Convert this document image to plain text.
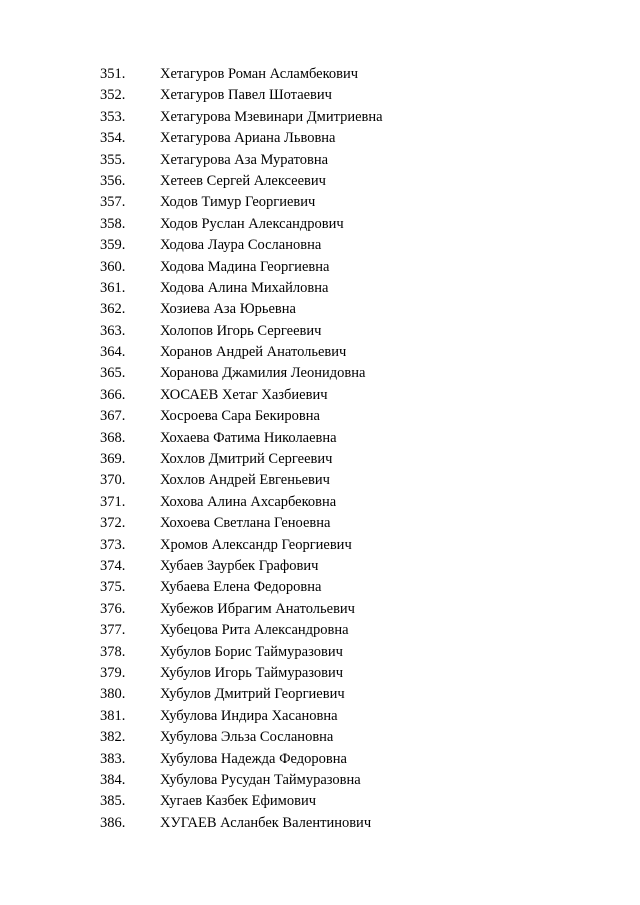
351.	Хетагуров Роман Асламбекович
352.	Хетагуров Павел Шотаевич
353.	Хетагурова Мзевинари Дмитриевна
354.	Хетагурова Ариана Львовна
355.	Хетагурова Аза Муратовна
356.	Хетеев Сергей Алексеевич
357.	Ходов Тимур Георгиевич
358.	Ходов Руслан Александрович
359.	Ходова Лаура Сослановна
360.	Ходова Мадина Георгиевна
361.	Ходова Алина Михайловна
362.	Хозиева Аза Юрьевна
363.	Холопов Игорь Сергеевич
364.	Хоранов Андрей Анатольевич
365.	Хоранова Джамилия Леонидовна
366.	ХОСАЕВ Хетаг Хазбиевич
367.	Хосроева Сара Бекировна
368.	Хохаева Фатима Николаевна
369.	Хохлов Дмитрий Сергеевич
370.	Хохлов Андрей Евгеньевич
371.	Хохова Алина Ахсарбековна
372.	Хохоева Светлана Геноевна
373.	Хромов Александр Георгиевич
374.	Хубаев Заурбек Графович
375.	Хубаева Елена Федоровна
376.	Хубежов Ибрагим Анатольевич
377.	Хубецова Рита Александровна
378.	Хубулов Борис Таймуразович
379.	Хубулов Игорь Таймуразович
380.	Хубулов Дмитрий Георгиевич
381.	Хубулова Индира Хасановна
382.	Хубулова Эльза Сослановна
383.	Хубулова Надежда Федоровна
384.	Хубулова Русудан Таймуразовна
385.	Хугаев Казбек Ефимович
386.	ХУГАЕВ Асланбек Валентинович
